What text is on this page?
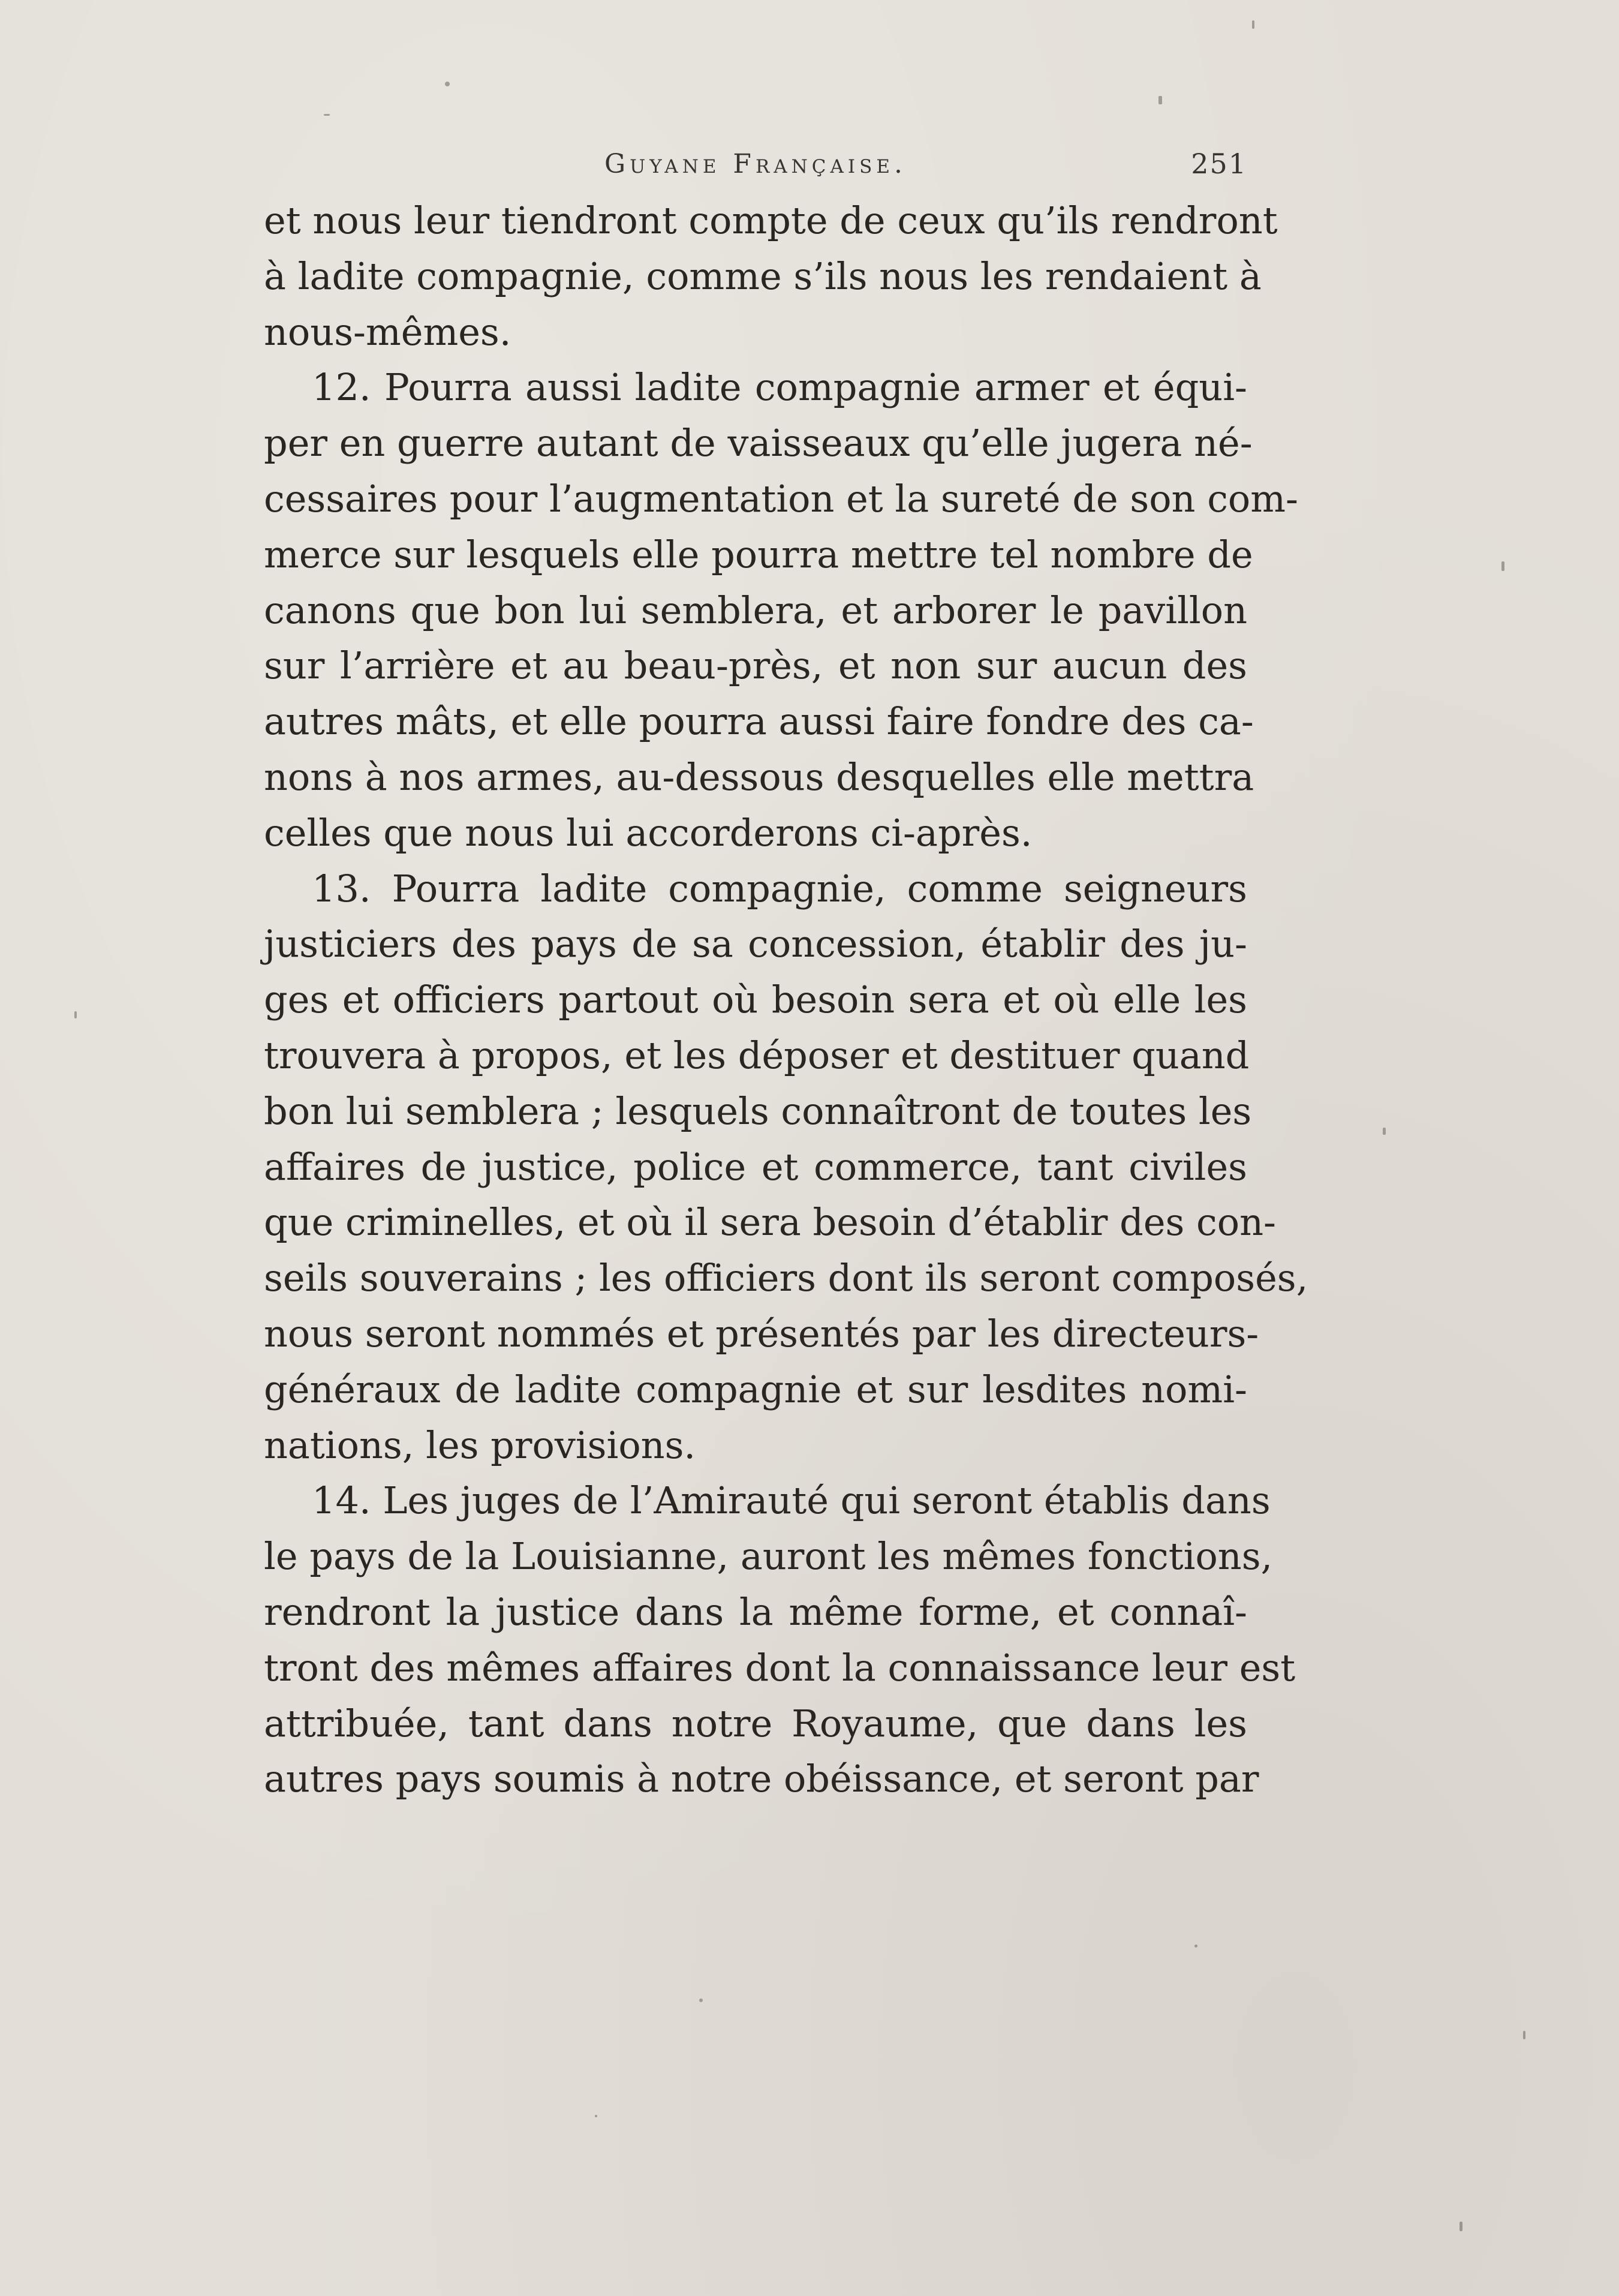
Guyane Française.	251

et nous leur tiendront compte de ceux qu’ils rendront
à ladite compagnie, comme s’ils nous les rendaient à
nous-mêmes.

12. Pourra aussi ladite compagnie armer et équi-
per en guerre autant de vaisseaux qu’elle jugera né-
cessaires pour l’augmentation et la sureté de son com-
merce sur lesquels elle pourra mettre tel nombre de
canons que bon lui semblera, et arborer le pavillon
sur l’arrière et au beau-près, et non sur aucun des
autres mâts, et elle pourra aussi faire fondre des ca-
nons à nos armes, au-dessous desquelles elle mettra
celles que nous lui accorderons ci-après.

13. Pourra ladite compagnie, comme seigneurs
justiciers des pays de sa concession, établir des ju-
ges et officiers partout où besoin sera et où elle les
trouvera à propos, et les déposer et destituer quand
bon lui semblera ; lesquels connaîtront de toutes les
affaires de justice, police et commerce, tant civiles
que criminelles, et où il sera besoin d’établir des con-
seils souverains ; les officiers dont ils seront composés,
nous seront nommés et présentés par les directeurs-
généraux de ladite compagnie et sur lesdites nomi-
nations, les provisions.

14. Les juges de l’Amirauté qui seront établis dans
le pays de la Louisianne, auront les mêmes fonctions,
rendront la justice dans la même forme, et connaî-
tront des mêmes affaires dont la connaissance leur est
attribuée, tant dans notre Royaume, que dans les
autres pays soumis à notre obéissance, et seront par
